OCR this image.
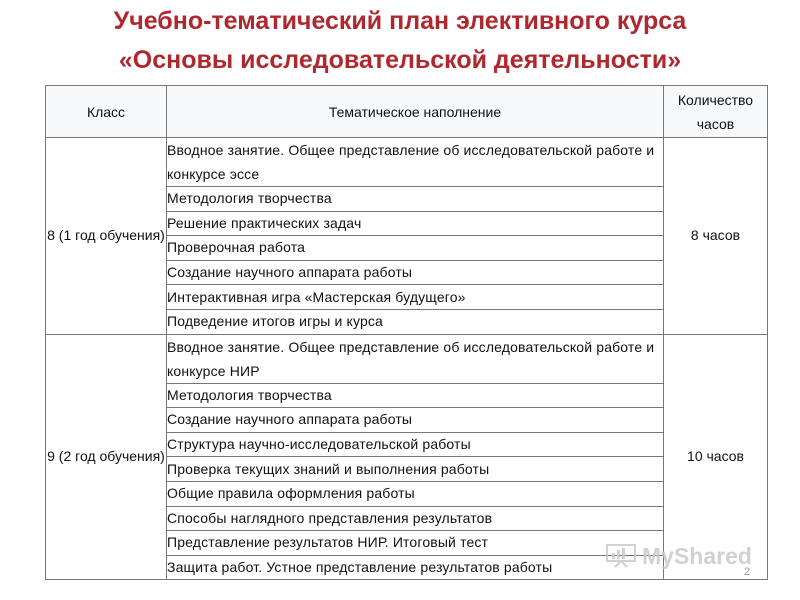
Учебно-тематический план элективного курса
«Основы исследовательской деятельности»
Класс	Тематическое наполнение	Количество часов
8 (1 год обучения)	Вводное занятие. Общее представление об исследовательской работе и конкурсе эссе	8 часов
	Методология творчества	
	Решение практических задач	
	Проверочная работа	
	Создание научного аппарата работы	
	Интерактивная игра «Мастерская будущего»	
	Подведение итогов игры и курса	
9 (2 год обучения)	Вводное занятие. Общее представление об исследовательской работе и конкурсе НИР	10 часов
	Методология творчества	
	Создание научного аппарата работы	
	Структура научно-исследовательской работы	
	Проверка текущих знаний и выполнения работы	
	Общие правила оформления работы	
	Способы наглядного представления результатов	
	Представление результатов НИР. Итоговый тест	
	Защита работ. Устное представление результатов работы		MyShared
2
